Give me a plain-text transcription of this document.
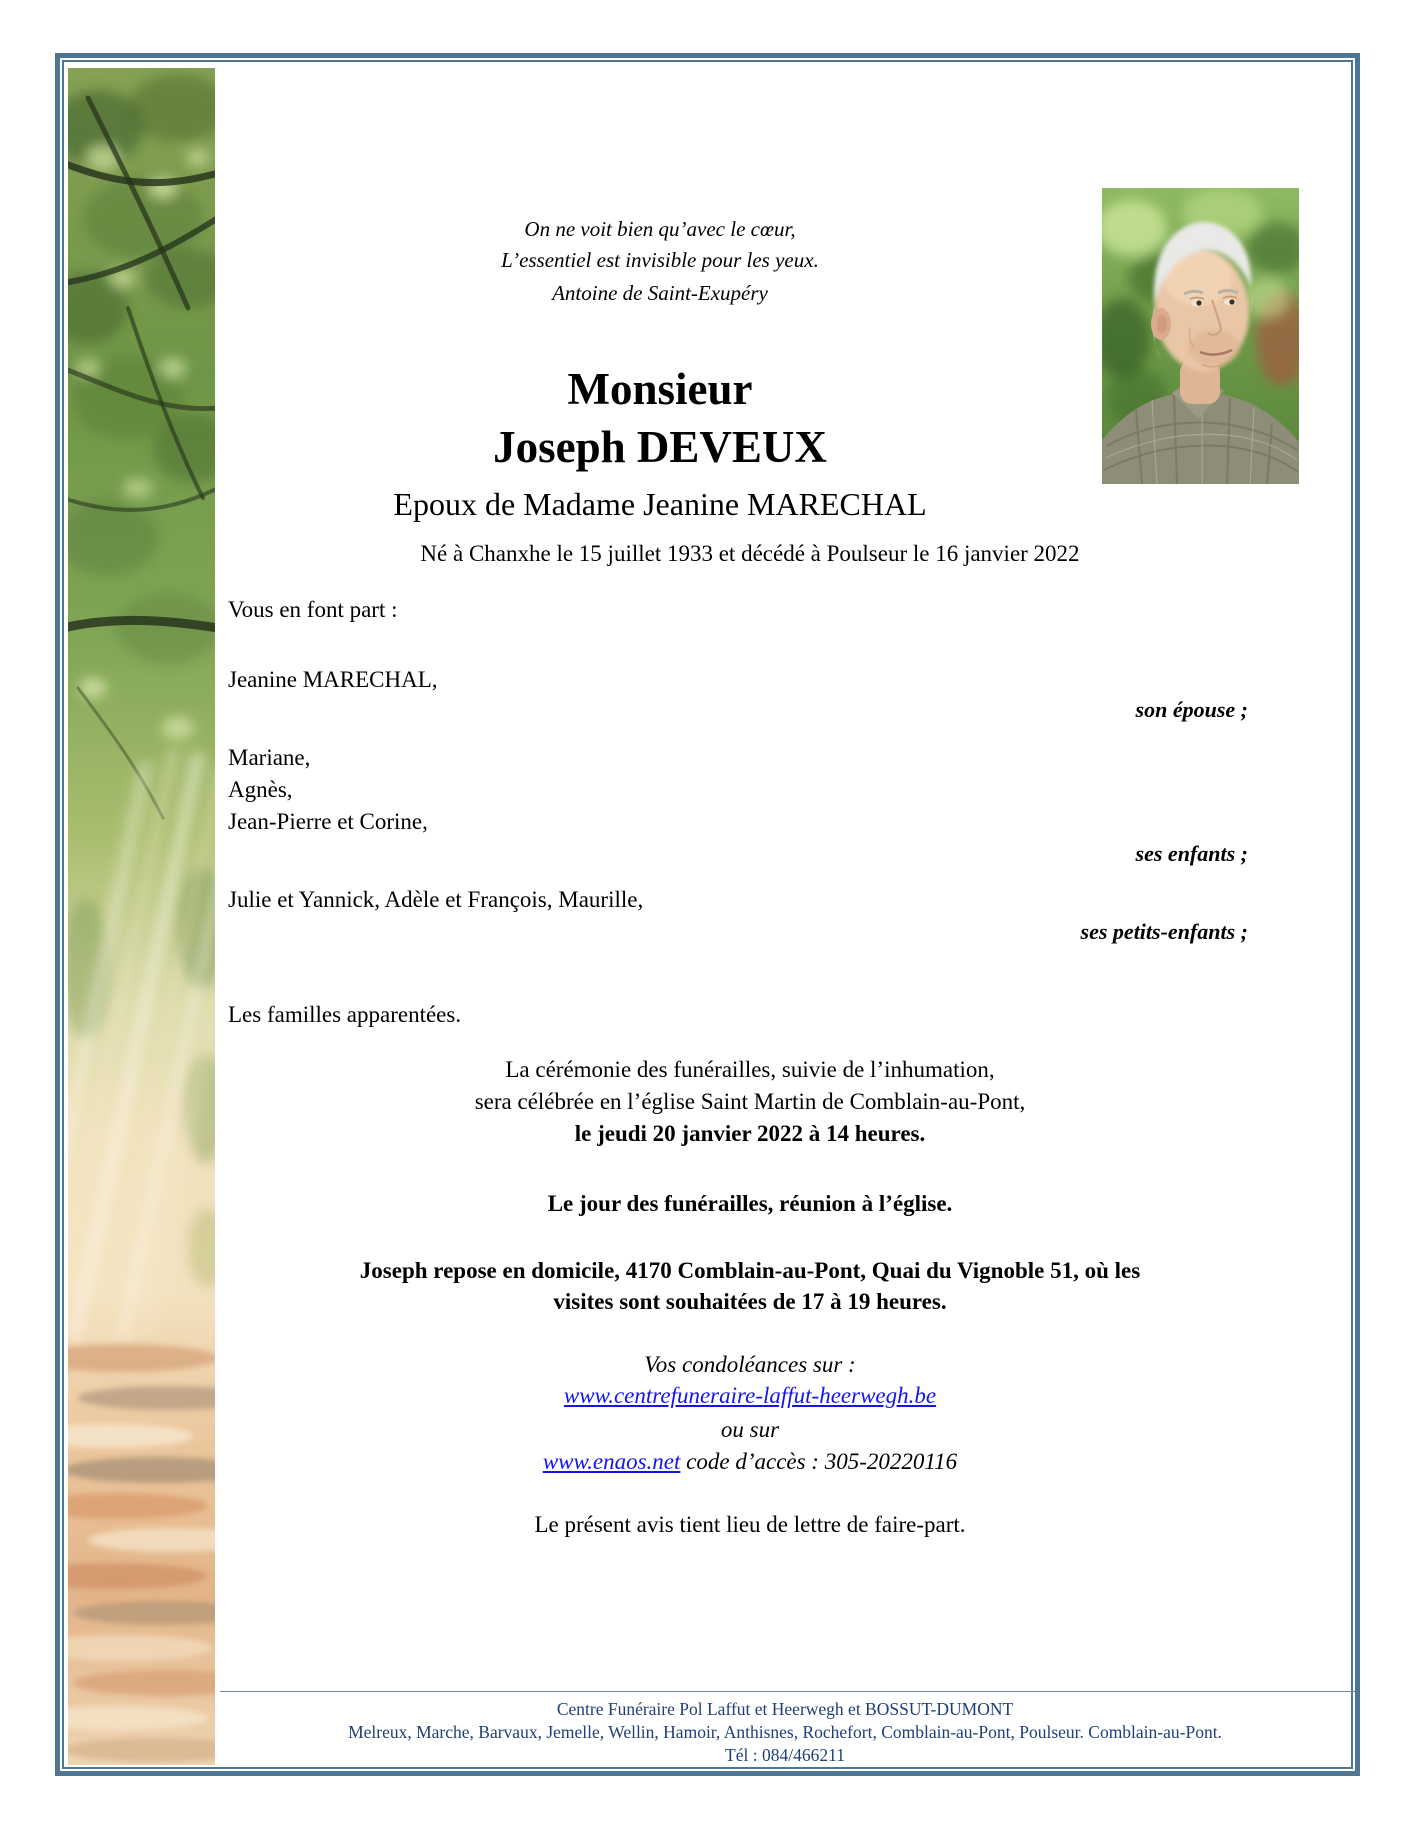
On ne voit bien qu’avec le cœur,
L’essentiel est invisible pour les yeux.
Antoine de Saint-Exupéry
Monsieur
Joseph DEVEUX
Epoux de Madame Jeanine MARECHAL
Né à Chanxhe le 15 juillet 1933 et décédé à Poulseur le 16 janvier 2022
Vous en font part :
Jeanine MARECHAL,
son épouse ;
Mariane,
Agnès,
Jean-Pierre et Corine,
ses enfants ;
Julie et Yannick, Adèle et François, Maurille,
ses petits-enfants ;
Les familles apparentées.
La cérémonie des funérailles, suivie de l’inhumation,
sera célébrée en l’église Saint Martin de Comblain-au-Pont,
le jeudi 20 janvier 2022 à 14 heures.
Le jour des funérailles, réunion à l’église.
Joseph repose en domicile, 4170 Comblain-au-Pont, Quai du Vignoble 51, où les
visites sont souhaitées de 17 à 19 heures.
Vos condoléances sur :
www.centrefuneraire-laffut-heerwegh.be
ou sur
www.enaos.net code d’accès : 305-20220116
Le présent avis tient lieu de lettre de faire-part.
Centre Funéraire Pol Laffut et Heerwegh et BOSSUT-DUMONT
Melreux, Marche, Barvaux, Jemelle, Wellin, Hamoir, Anthisnes, Rochefort, Comblain-au-Pont, Poulseur. Comblain-au-Pont.
Tél : 084/466211
